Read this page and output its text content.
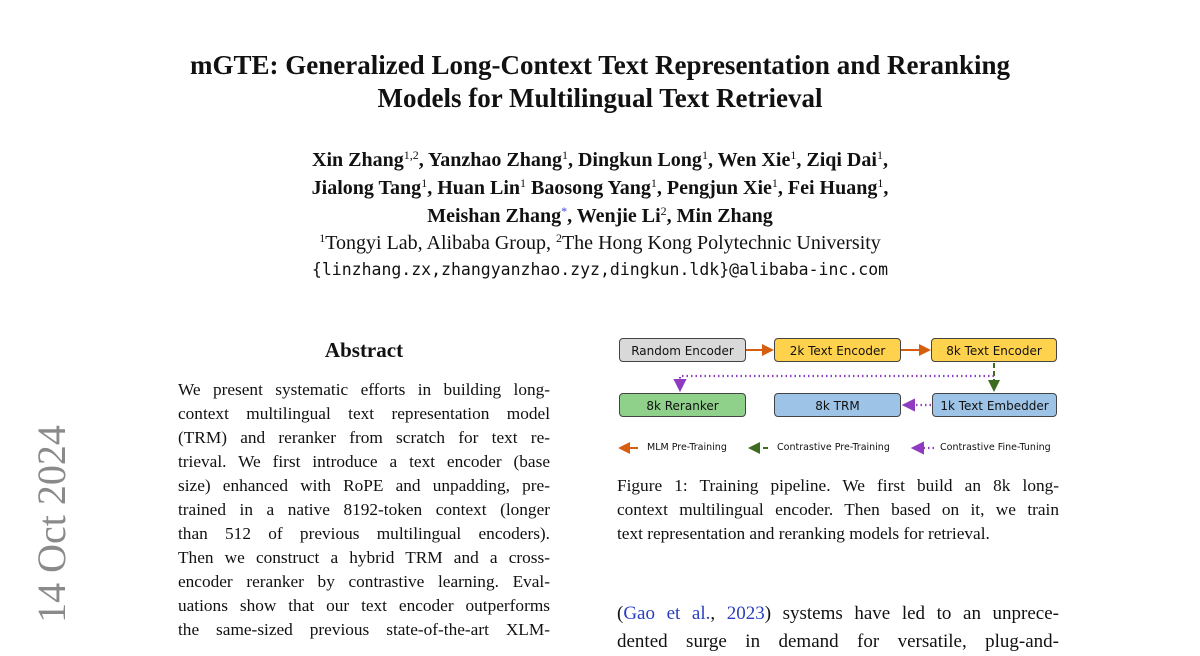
mGTE: Generalized Long-Context Text Representation and Reranking
Models for Multilingual Text Retrieval
Xin Zhang$^{1,2}$, Yanzhao Zhang$^1$, Dingkun Long$^1$, Wen Xie$^1$, Ziqi Dai$^1$,
Jialong Tang$^1$, Huan Lin$^1$ Baosong Yang$^1$, Pengjun Xie$^1$, Fei Huang$^1$,
Meishan Zhang*, Wenjie Li$^2$, Min Zhang
$^1$Tongyi Lab, Alibaba Group, $^2$The Hong Kong Polytechnic University
{linzhang.zx,zhangyanzhao.zyz,dingkun.ldk}@alibaba-inc.com
14 Oct 2024
Abstract
We present systematic efforts in building long-
context multilingual text representation model
(TRM) and reranker from scratch for text re-
trieval. We first introduce a text encoder (base
size) enhanced with RoPE and unpadding, pre-
trained in a native 8192-token context (longer
than 512 of previous multilingual encoders).
Then we construct a hybrid TRM and a cross-
encoder reranker by contrastive learning. Eval-
uations show that our text encoder outperforms
the same-sized previous state-of-the-art XLM-
Random Encoder	2k Text Encoder	8k Text Encoder
8k Reranker	8k TRM	1k Text Embedder
MLM Pre-Training	Contrastive Pre-Training	Contrastive Fine-Tuning
Figure 1: Training pipeline. We first build an 8k long-
context multilingual encoder. Then based on it, we train
text representation and reranking models for retrieval.
(Gao et al., 2023) systems have led to an unprece-
dented surge in demand for versatile, plug-and-
